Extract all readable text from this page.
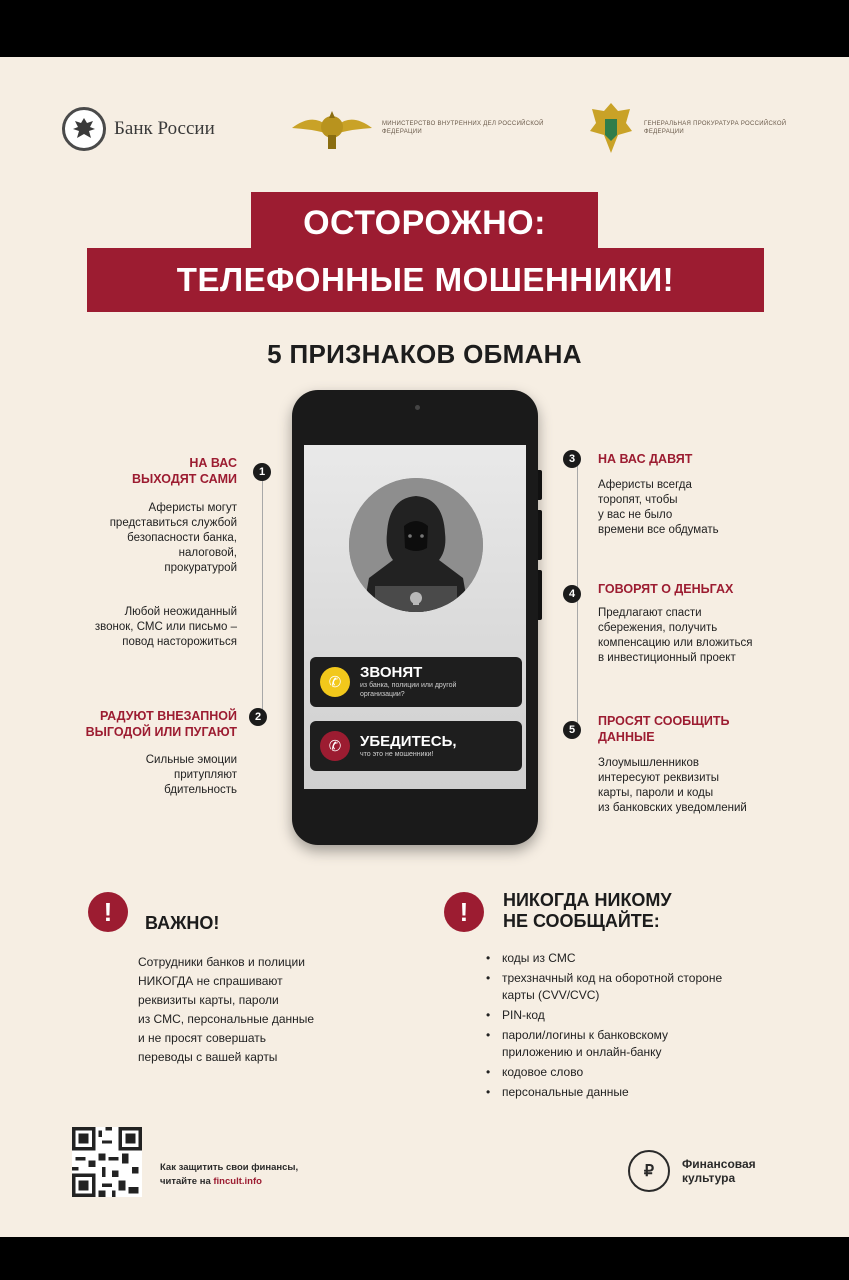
Банк России	МИНИСТЕРСТВО ВНУТРЕННИХ ДЕЛ РОССИЙСКОЙ ФЕДЕРАЦИИ
ГЕНЕРАЛЬНАЯ ПРОКУРАТУРА РОССИЙСКОЙ ФЕДЕРАЦИИ
ОСТОРОЖНО:
ТЕЛЕФОННЫЕ МОШЕННИКИ!
5 ПРИЗНАКОВ ОБМАНА
✆
ЗВОНЯТ
из банка, полиции или другой организации?
✆	УБЕДИТЕСЬ,
что это не мошенники!
1
НА ВАС
ВЫХОДЯТ САМИ
Аферисты могут
представиться службой
безопасности банка,
налоговой,
прокуратурой
Любой неожиданный
звонок, СМС или письмо –
повод насторожиться
2
РАДУЮТ ВНЕЗАПНОЙ
ВЫГОДОЙ ИЛИ ПУГАЮТ
Сильные эмоции
притупляют
бдительность
3	НА ВАС ДАВЯТ
Аферисты всегда
торопят, чтобы
у вас не было
времени все обдумать
4	ГОВОРЯТ О ДЕНЬГАХ
Предлагают спасти
сбережения, получить
компенсацию или вложиться
в инвестиционный проект
5
ПРОСЯТ СООБЩИТЬ
ДАННЫЕ
Злоумышленников
интересуют реквизиты
карты, пароли и коды
из банковских уведомлений
!	ВАЖНО!
Сотрудники банков и полиции
НИКОГДА не спрашивают
реквизиты карты, пароли
из СМС, персональные данные
и не просят совершать
переводы с вашей карты
!	НИКОГДА НИКОМУ
НЕ СООБЩАЙТЕ:
• коды из СМС
• трехзначный код на оборотной стороне карты (CVV/CVC)
• PIN-код
• пароли/логины к банковскому приложению и онлайн-банку
• кодовое слово
• персональные данные
Как защитить свои финансы,
читайте на fincult.info
₽	Финансовая
культура
